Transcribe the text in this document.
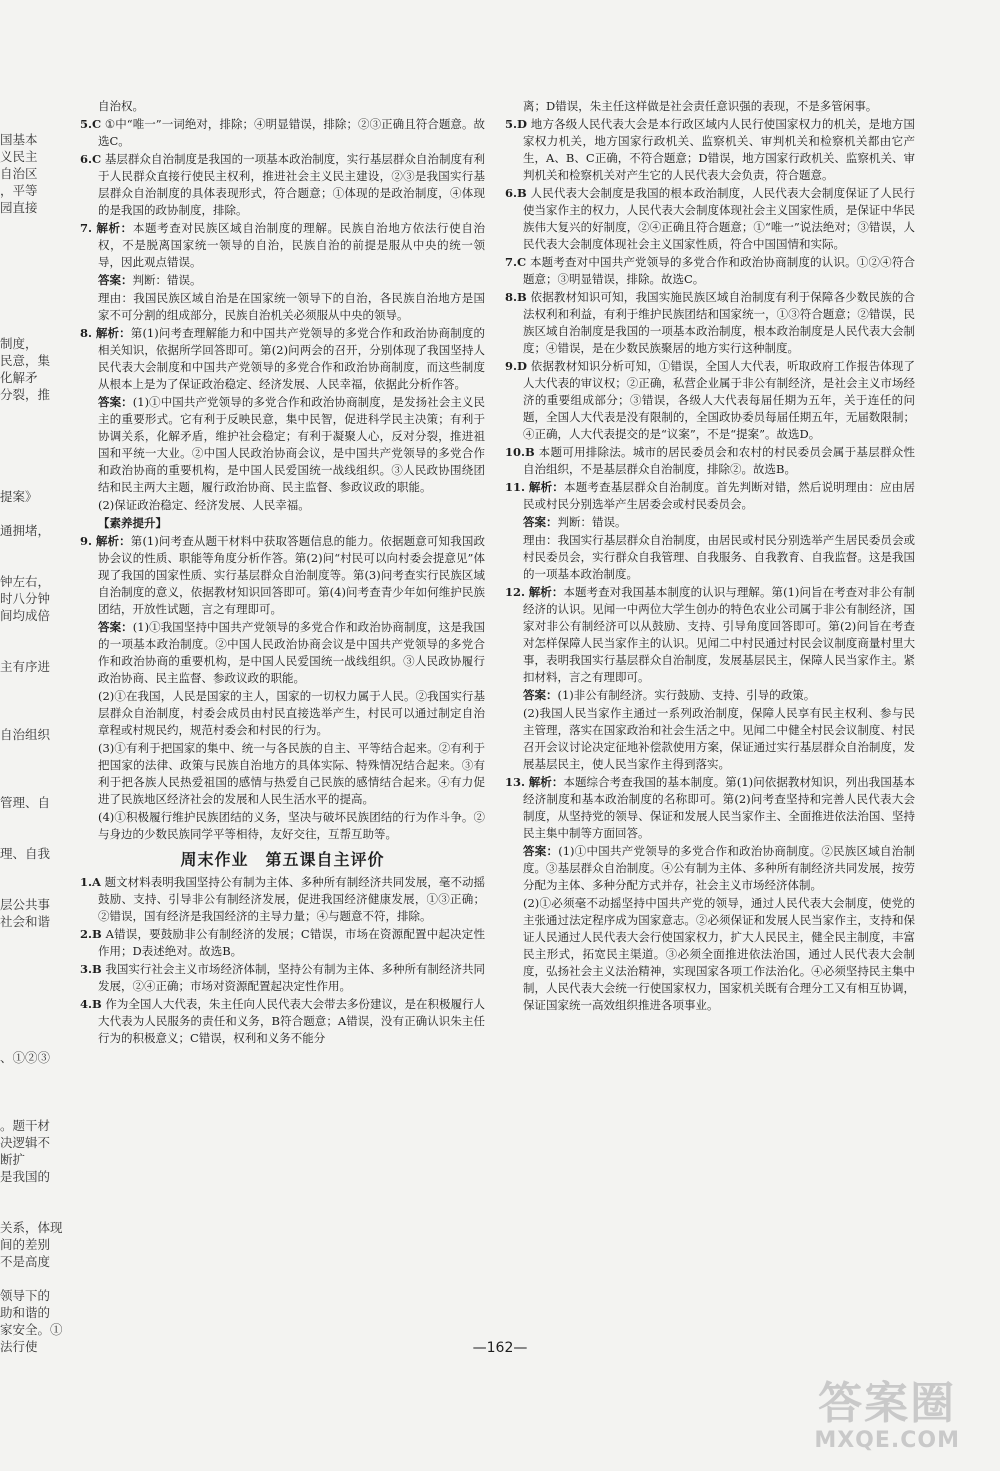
国基本
义民主
自治区
，平等
园直接

制度，
民意，集
化解矛
分裂，推

提案》

通拥堵，

钟左右，
时八分钟
间均成倍

主有序进

自治组织

管理、自

理、自我

层公共事
社会和谐

、①②③

。题干材
决逻辑不
断扩
是我国的

关系，体现
间的差别
不是高度

领导下的
助和谐的
家安全。①
法行使
自治权。
5.C ①中“唯一”一词绝对，排除；④明显错误，排除；②③正确且符合题意。故选C。
6.C 基层群众自治制度是我国的一项基本政治制度，实行基层群众自治制度有利于人民群众直接行使民主权利，推进社会主义民主建设，②③是我国实行基层群众自治制度的具体表现形式，符合题意；①体现的是政治制度，④体现的是我国的政协制度，排除。
7. 解析：本题考查对民族区域自治制度的理解。民族自治地方依法行使自治权，不是脱离国家统一领导的自治，民族自治的前提是服从中央的统一领导，因此观点错误。
答案：判断：错误。
理由：我国民族区域自治是在国家统一领导下的自治，各民族自治地方是国家不可分割的组成部分，民族自治机关必须服从中央的领导。
8. 解析：第(1)问考查理解能力和中国共产党领导的多党合作和政治协商制度的相关知识，依据所学回答即可。第(2)问两会的召开，分别体现了我国坚持人民代表大会制度和中国共产党领导的多党合作和政治协商制度，而这些制度从根本上是为了保证政治稳定、经济发展、人民幸福，依据此分析作答。
答案：(1)①中国共产党领导的多党合作和政治协商制度，是发扬社会主义民主的重要形式。它有利于反映民意，集中民智，促进科学民主决策；有利于协调关系，化解矛盾，维护社会稳定；有利于凝聚人心，反对分裂，推进祖国和平统一大业。②中国人民政治协商会议，是中国共产党领导的多党合作和政治协商的重要机构，是中国人民爱国统一战线组织。③人民政协围绕团结和民主两大主题，履行政治协商、民主监督、参政议政的职能。
(2)保证政治稳定、经济发展、人民幸福。
【素养提升】
9. 解析：第(1)问考查从题干材料中获取答题信息的能力。依据题意可知我国政协会议的性质、职能等角度分析作答。第(2)问“村民可以向村委会提意见”体现了我国的国家性质、实行基层群众自治制度等。第(3)问考查实行民族区域自治制度的意义，依据教材知识回答即可。第(4)问考查青少年如何维护民族团结，开放性试题，言之有理即可。
答案：(1)①我国坚持中国共产党领导的多党合作和政治协商制度，这是我国的一项基本政治制度。②中国人民政治协商会议是中国共产党领导的多党合作和政治协商的重要机构，是中国人民爱国统一战线组织。③人民政协履行政治协商、民主监督、参政议政的职能。
(2)①在我国，人民是国家的主人，国家的一切权力属于人民。②我国实行基层群众自治制度，村委会成员由村民直接选举产生，村民可以通过制定自治章程或村规民约，规范村委会和村民的行为。
(3)①有利于把国家的集中、统一与各民族的自主、平等结合起来。②有利于把国家的法律、政策与民族自治地方的具体实际、特殊情况结合起来。③有利于把各族人民热爱祖国的感情与热爱自己民族的感情结合起来。④有力促进了民族地区经济社会的发展和人民生活水平的提高。
(4)①积极履行维护民族团结的义务，坚决与破坏民族团结的行为作斗争。②与身边的少数民族同学平等相待，友好交往，互帮互助等。
周末作业　第五课自主评价
1.A 题文材料表明我国坚持公有制为主体、多种所有制经济共同发展，毫不动摇鼓励、支持、引导非公有制经济发展，促进我国经济健康发展，①③正确；②错误，国有经济是我国经济的主导力量；④与题意不符，排除。
2.B A错误，要鼓励非公有制经济的发展；C错误，市场在资源配置中起决定性作用；D表述绝对。故选B。
3.B 我国实行社会主义市场经济体制，坚持公有制为主体、多种所有制经济共同发展，②④正确；市场对资源配置起决定性作用。
4.B 作为全国人大代表，朱主任向人民代表大会带去多份建议，是在积极履行人大代表为人民服务的责任和义务，B符合题意；A错误，没有正确认识朱主任行为的积极意义；C错误，权利和义务不能分
离；D错误，朱主任这样做是社会责任意识强的表现，不是多管闲事。
5.D 地方各级人民代表大会是本行政区域内人民行使国家权力的机关，是地方国家权力机关，地方国家行政机关、监察机关、审判机关和检察机关都由它产生，A、B、C正确，不符合题意；D错误，地方国家行政机关、监察机关、审判机关和检察机关对产生它的人民代表大会负责，符合题意。
6.B 人民代表大会制度是我国的根本政治制度，人民代表大会制度保证了人民行使当家作主的权力，人民代表大会制度体现社会主义国家性质，是保证中华民族伟大复兴的好制度，②④正确且符合题意；①“唯一”说法绝对；③错误，人民代表大会制度体现社会主义国家性质，符合中国国情和实际。
7.C 本题考查对中国共产党领导的多党合作和政治协商制度的认识。①②④符合题意；③明显错误，排除。故选C。
8.B 依据教材知识可知，我国实施民族区域自治制度有利于保障各少数民族的合法权利和利益，有利于维护民族团结和国家统一，①③符合题意；②错误，民族区域自治制度是我国的一项基本政治制度，根本政治制度是人民代表大会制度；④错误，是在少数民族聚居的地方实行这种制度。
9.D 依据教材知识分析可知，①错误，全国人大代表，听取政府工作报告体现了人大代表的审议权；②正确，私营企业属于非公有制经济，是社会主义市场经济的重要组成部分；③错误，各级人大代表每届任期为五年，关于连任的问题，全国人大代表是没有限制的，全国政协委员每届任期五年，无届数限制；④正确，人大代表提交的是“议案”，不是“提案”。故选D。
10.B 本题可用排除法。城市的居民委员会和农村的村民委员会属于基层群众性自治组织，不是基层群众自治制度，排除②。故选B。
11. 解析：本题考查基层群众自治制度。首先判断对错，然后说明理由：应由居民或村民分别选举产生居委会或村民委员会。
答案：判断：错误。
理由：我国实行基层群众自治制度，由居民或村民分别选举产生居民委员会或村民委员会，实行群众自我管理、自我服务、自我教育、自我监督。这是我国的一项基本政治制度。
12. 解析：本题考查对我国基本制度的认识与理解。第(1)问旨在考查对非公有制经济的认识。见闻一中两位大学生创办的特色农业公司属于非公有制经济，国家对非公有制经济可以从鼓励、支持、引导角度回答即可。第(2)问旨在考查对怎样保障人民当家作主的认识。见闻二中村民通过村民会议制度商量村里大事，表明我国实行基层群众自治制度，发展基层民主，保障人民当家作主。紧扣材料，言之有理即可。
答案：(1)非公有制经济。实行鼓励、支持、引导的政策。
(2)我国人民当家作主通过一系列政治制度，保障人民享有民主权利、参与民主管理，落实在国家政治和社会生活之中。见闻二中健全村民会议制度、村民召开会议讨论决定征地补偿款使用方案，保证通过实行基层群众自治制度，发展基层民主，使人民当家作主得到落实。
13. 解析：本题综合考查我国的基本制度。第(1)问依据教材知识，列出我国基本经济制度和基本政治制度的名称即可。第(2)问考查坚持和完善人民代表大会制度，从坚持党的领导、保证和发展人民当家作主、全面推进依法治国、坚持民主集中制等方面回答。
答案：(1)①中国共产党领导的多党合作和政治协商制度。②民族区域自治制度。③基层群众自治制度。④公有制为主体、多种所有制经济共同发展，按劳分配为主体、多种分配方式并存，社会主义市场经济体制。
(2)①必须毫不动摇坚持中国共产党的领导，通过人民代表大会制度，使党的主张通过法定程序成为国家意志。②必须保证和发展人民当家作主，支持和保证人民通过人民代表大会行使国家权力，扩大人民民主，健全民主制度，丰富民主形式，拓宽民主渠道。③必须全面推进依法治国，通过人民代表大会制度，弘扬社会主义法治精神，实现国家各项工作法治化。④必须坚持民主集中制，人民代表大会统一行使国家权力，国家机关既有合理分工又有相互协调，保证国家统一高效组织推进各项事业。
—162—
答案圈
MXQE.COM
